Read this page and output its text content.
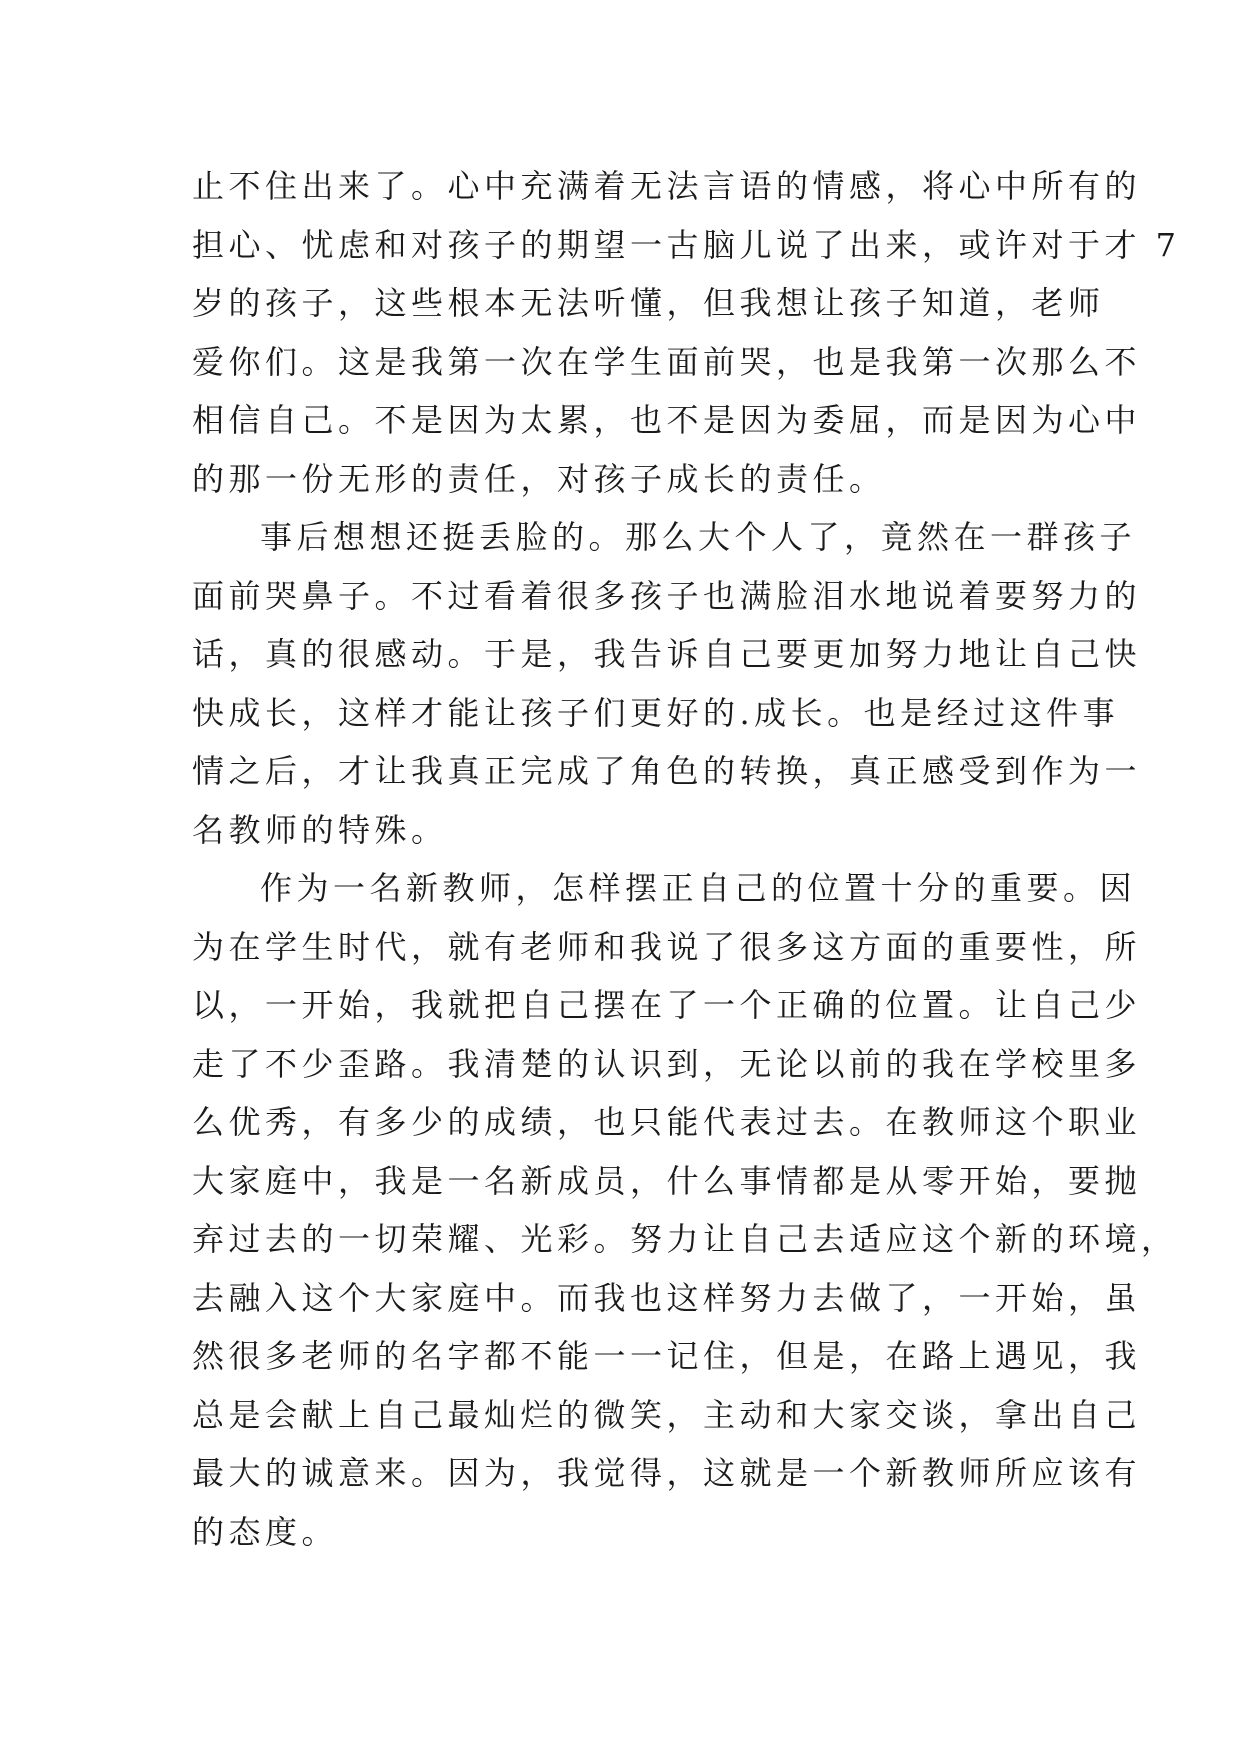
止不住出来了。心中充满着无法言语的情感，将心中所有的
担心、忧虑和对孩子的期望一古脑儿说了出来，或许对于才 7
岁的孩子，这些根本无法听懂，但我想让孩子知道，老师
爱你们。这是我第一次在学生面前哭，也是我第一次那么不
相信自己。不是因为太累，也不是因为委屈，而是因为心中
的那一份无形的责任，对孩子成长的责任。
事后想想还挺丢脸的。那么大个人了，竟然在一群孩子
面前哭鼻子。不过看着很多孩子也满脸泪水地说着要努力的
话，真的很感动。于是，我告诉自己要更加努力地让自己快
快成长，这样才能让孩子们更好的.成长。也是经过这件事
情之后，才让我真正完成了角色的转换，真正感受到作为一
名教师的特殊。
作为一名新教师，怎样摆正自己的位置十分的重要。因
为在学生时代，就有老师和我说了很多这方面的重要性，所
以，一开始，我就把自己摆在了一个正确的位置。让自己少
走了不少歪路。我清楚的认识到，无论以前的我在学校里多
么优秀，有多少的成绩，也只能代表过去。在教师这个职业
大家庭中，我是一名新成员，什么事情都是从零开始，要抛
弃过去的一切荣耀、光彩。努力让自己去适应这个新的环境，
去融入这个大家庭中。而我也这样努力去做了，一开始，虽
然很多老师的名字都不能一一记住，但是，在路上遇见，我
总是会献上自己最灿烂的微笑，主动和大家交谈，拿出自己
最大的诚意来。因为，我觉得，这就是一个新教师所应该有
的态度。
